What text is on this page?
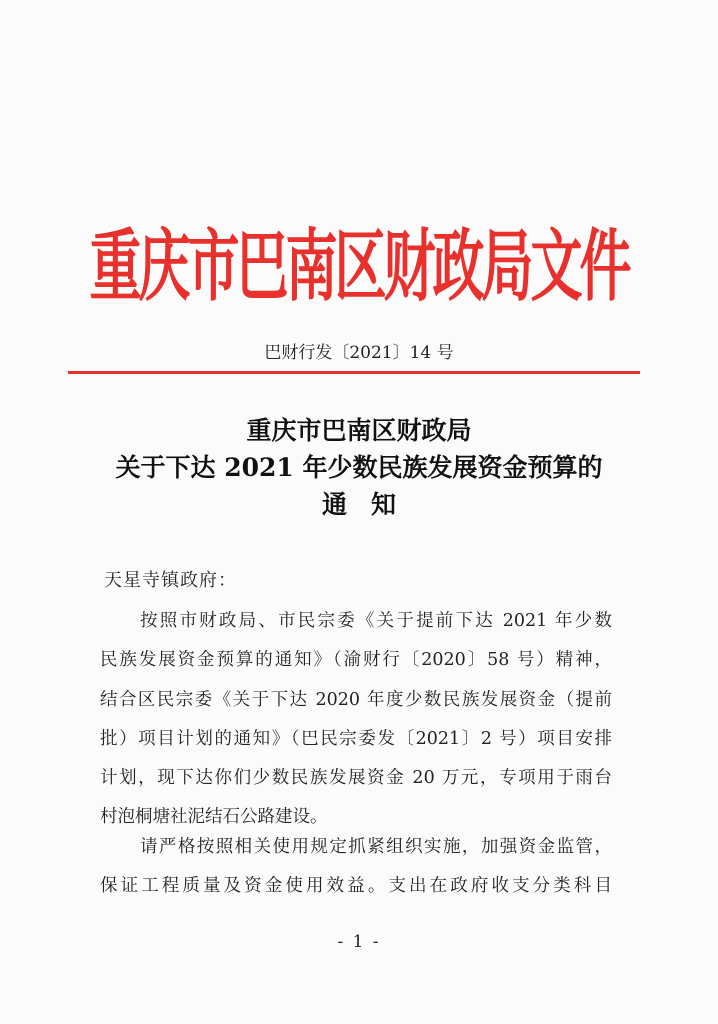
重庆市巴南区财政局文件
巴财行发〔2021〕14 号
重庆市巴南区财政局
关于下达 2021 年少数民族发展资金预算的
通知
天星寺镇政府：
按照市财政局、市民宗委《关于提前下达 2021 年少数
民族发展资金预算的通知》（渝财行〔2020〕58 号）精神，
结合区民宗委《关于下达 2020 年度少数民族发展资金（提前
批）项目计划的通知》（巴民宗委发〔2021〕2 号）项目安排
计划，现下达你们少数民族发展资金 20 万元，专项用于雨台
村泡桐塘社泥结石公路建设。
请严格按照相关使用规定抓紧组织实施，加强资金监管，
保证工程质量及资金使用效益。支出在政府收支分类科目
- 1 -
